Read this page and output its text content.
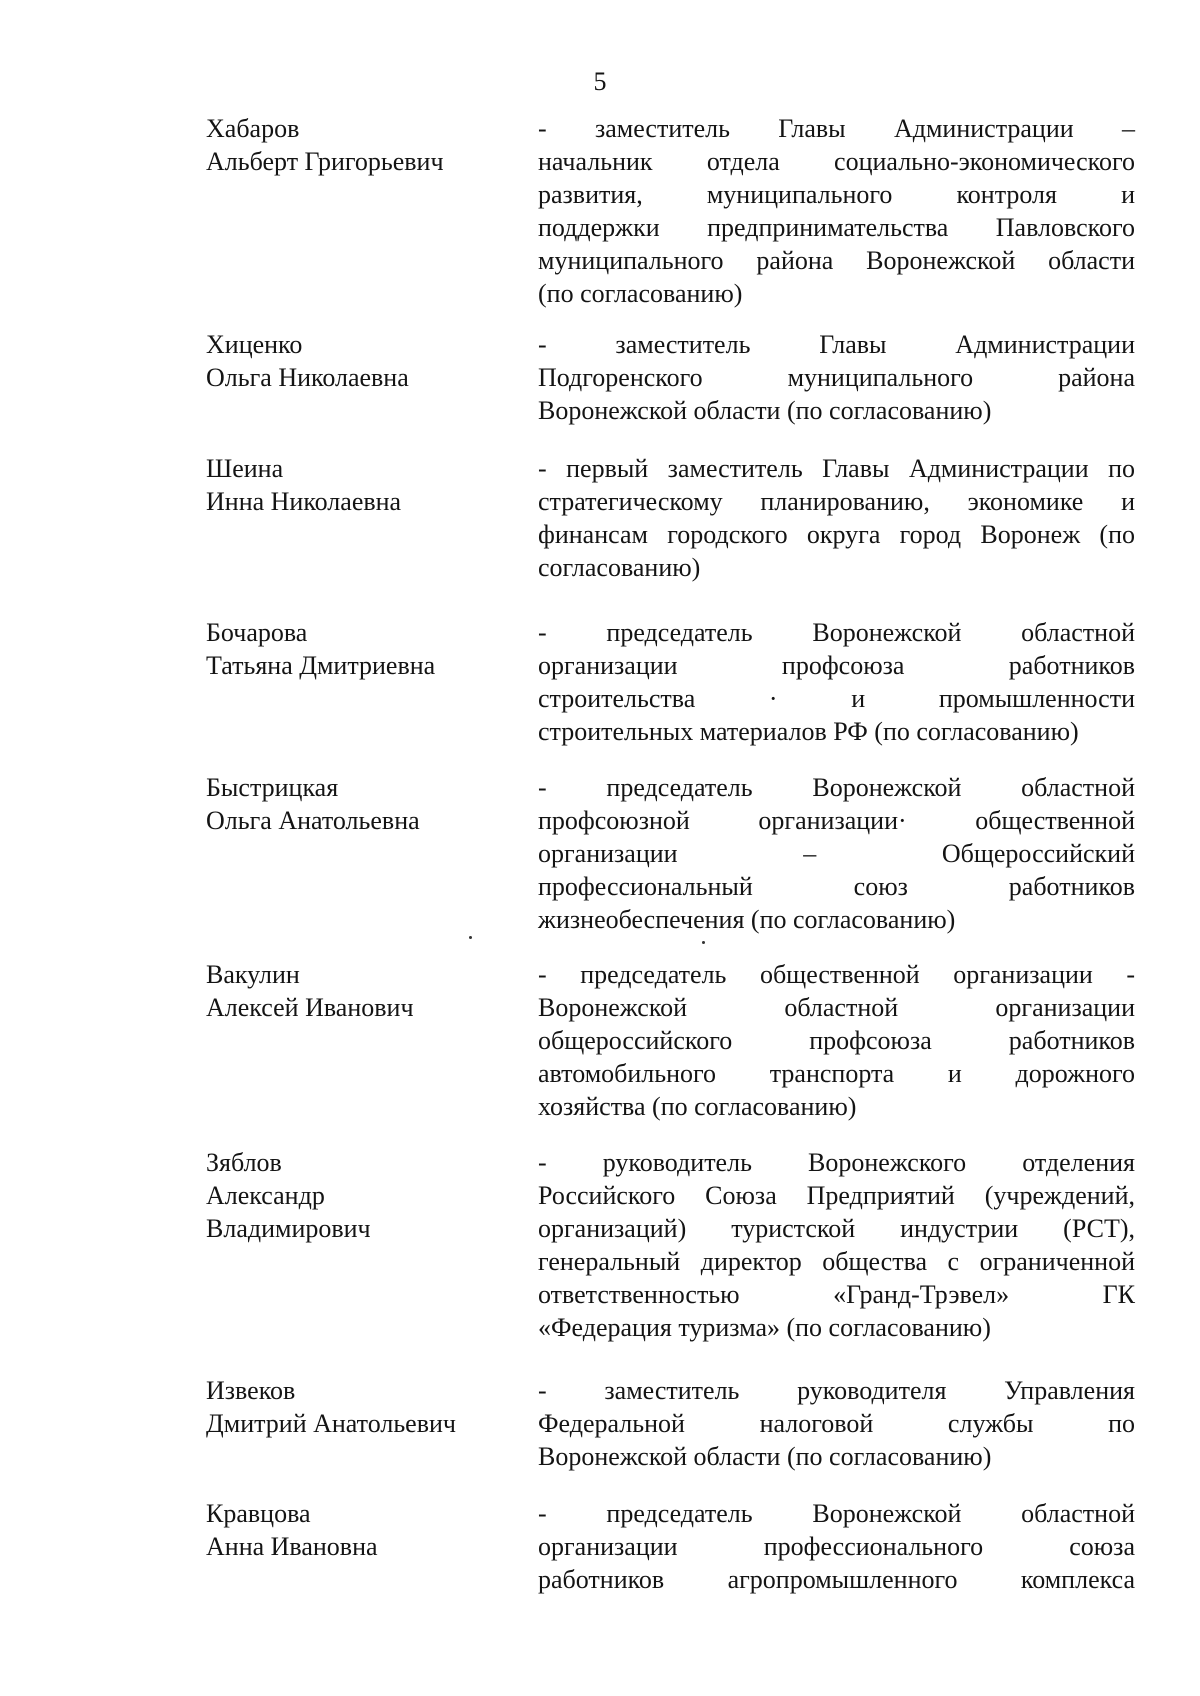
5
Хабаров
Альберт Григорьевич
- заместитель Главы Администрации –
начальник отдела социально-экономического
развития, муниципального контроля и
поддержки предпринимательства Павловского
муниципального района Воронежской области
(по согласованию)
Хиценко
Ольга Николаевна
- заместитель Главы Администрации
Подгоренского муниципального района
Воронежской области (по согласованию)
Шеина
Инна Николаевна
- первый заместитель Главы Администрации по
стратегическому планированию, экономике и
финансам городского округа город Воронеж (по
согласованию)
Бочарова
Татьяна Дмитриевна
- председатель Воронежской областной
организации профсоюза работников
строительства · и промышленности
строительных материалов РФ (по согласованию)
Быстрицкая
Ольга Анатольевна
- председатель Воронежской областной
профсоюзной организации· общественной
организации – Общероссийский
профессиональный союз работников
жизнеобеспечения (по согласованию)
Вакулин
Алексей Иванович
- председатель общественной организации -
Воронежской областной организации
общероссийского профсоюза работников
автомобильного транспорта и дорожного
хозяйства (по согласованию)
Зяблов
Александр
Владимирович
- руководитель Воронежского отделения
Российского Союза Предприятий (учреждений,
организаций) туристской индустрии (РСТ),
генеральный директор общества с ограниченной
ответственностью «Гранд-Трэвел» ГК
«Федерация туризма» (по согласованию)
Извеков
Дмитрий Анатольевич
- заместитель руководителя Управления
Федеральной налоговой службы по
Воронежской области (по согласованию)
Кравцова
Анна Ивановна
- председатель Воронежской областной
организации профессионального союза
работников агропромышленного комплекса
